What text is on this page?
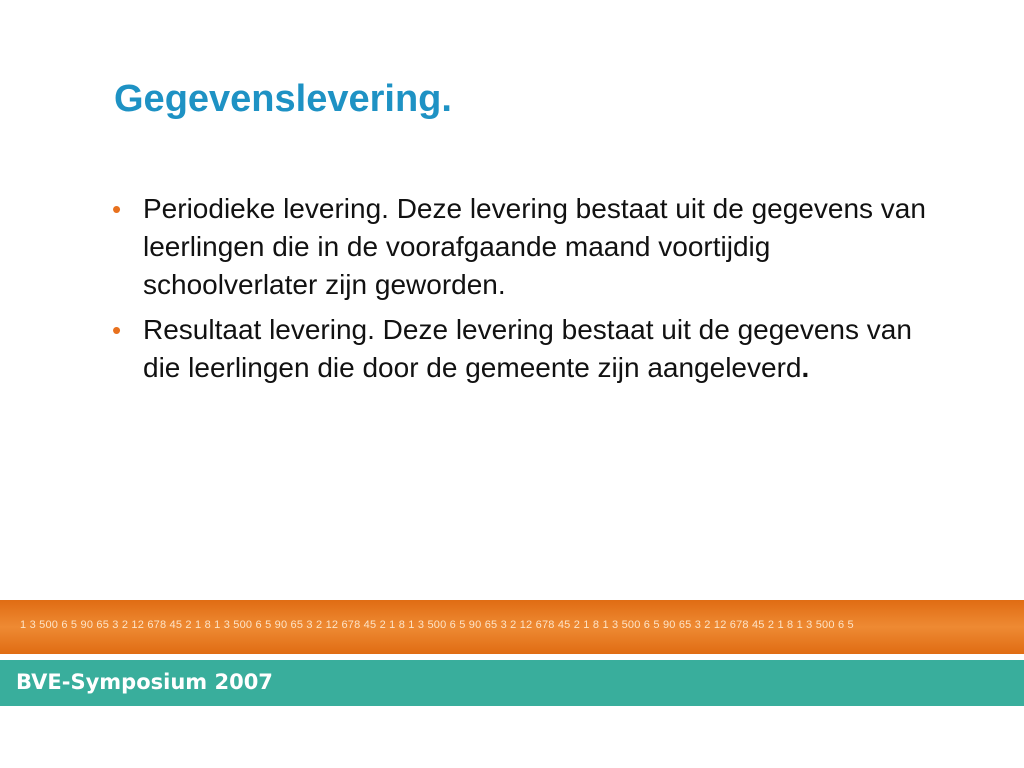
Gegevenslevering.
• Periodieke levering. Deze levering bestaat uit de gegevens van leerlingen die in de voorafgaande maand voortijdig schoolverlater zijn geworden.
• Resultaat levering. Deze levering bestaat uit de gegevens van die leerlingen die door de gemeente zijn aangeleverd.
1 3 500 6 5 90 65 3 2 12 678 45 2 1 8 1 3 500 6 5 90 65 3 2 12 678 45 2 1 8 1 3 500 6 5 90 65 3 2 12 678 45 2 1 8 1 3 500 6 5 90 65 3 2 12 678 45 2 1 8 1 3 500 6 5
BVE-Symposium 2007
